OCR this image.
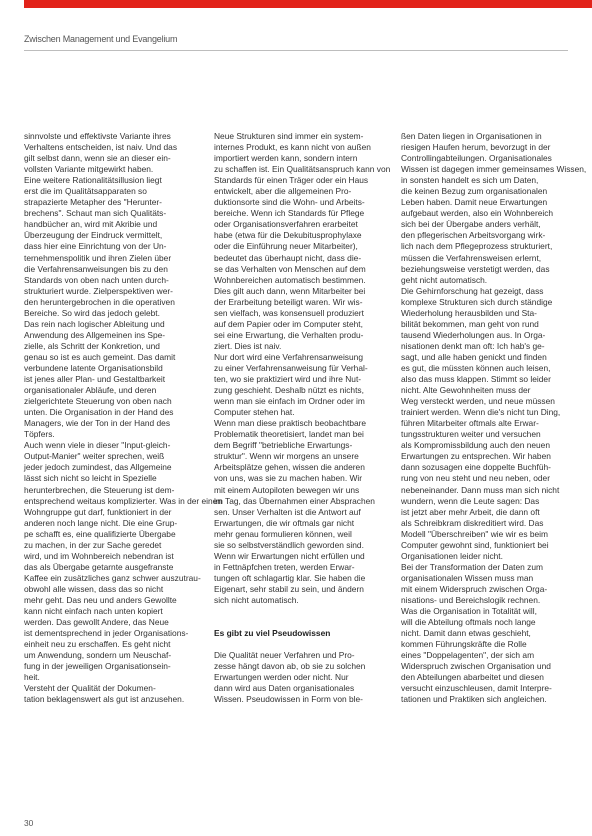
Zwischen Management und Evangelium

sinnvolste und effektivste Variante ihres

Verhaltens entscheiden, ist naiv. Und das

gilt selbst dann, wenn sie an dieser ein-

vollsten Variante mitgewirkt haben.

Eine weitere Rationalitätsillusion liegt

erst die im Qualitätsapparaten so

strapazierte Metapher des "Herunter-

brechens". Schaut man sich Qualitäts-

handbücher an, wird mit Akribie und

Überzeugung der Eindruck vermittelt,

dass hier eine Einrichtung von der Un-

ternehmenspolitik und ihren Zielen über

die Verfahrensanweisungen bis zu den

Standards von oben nach unten durch-

strukturiert wurde. Zielperspektiven wer-

den heruntergebrochen in die operativen

Bereiche. So wird das jedoch gelebt.

Das rein nach logischer Ableitung und

Anwendung des Allgemeinen ins Spe-

zielle, als Schritt der Konkretion, und

genau so ist es auch gemeint. Das damit

verbundene latente Organisationsbild

ist jenes aller Plan- und Gestaltbarkeit

organisationaler Abläufe, und deren

zielgerichtete Steuerung von oben nach

unten. Die Organisation in der Hand des

Managers, wie der Ton in der Hand des

Töpfers.

Auch wenn viele in dieser "Input-gleich-

Output-Manier" weiter sprechen, weiß

jeder jedoch zumindest, das Allgemeine

lässt sich nicht so leicht in Spezielle

herunterbrechen, die Steuerung ist dem-

entsprechend weitaus komplizierter. Was in der einen

Wohngruppe gut darf, funktioniert in der

anderen noch lange nicht. Die eine Grup-

pe schafft es, eine qualifizierte Übergabe

zu machen, in der zur Sache geredet

wird, und im Wohnbereich nebendran ist

das als Übergabe getarnte ausgefranste

Kaffee ein zusätzliches ganz schwer auszutrau-

obwohl alle wissen, dass das so nicht

mehr geht. Das neu und anders Gewollte

kann nicht einfach nach unten kopiert

werden. Das gewollt Andere, das Neue

ist dementsprechend in jeder Organisations-

einheit neu zu erschaffen. Es geht nicht

um Anwendung, sondern um Neuschaf-

fung in der jeweiligen Organisationsein-

heit.

Versteht der Qualität der Dokumen-

tation beklagenswert als gut ist anzusehen.

Neue Strukturen sind immer ein system-

internes Produkt, es kann nicht von außen

importiert werden kann, sondern intern

zu schaffen ist. Ein Qualitätsanspruch kann von

Standards für einen Träger oder ein Haus

entwickelt, aber die allgemeinen Pro-

duktionsorte sind die Wohn- und Arbeits-

bereiche. Wenn ich Standards für Pflege

oder Organisationsverfahren erarbeitet

habe (etwa für die Dekubitusprophylaxe

oder die Einführung neuer Mitarbeiter),

bedeutet das überhaupt nicht, dass die-

se das Verhalten von Menschen auf dem

Wohnbereichen automatisch bestimmen.

Dies gilt auch dann, wenn Mitarbeiter bei

der Erarbeitung beteiligt waren. Wir wis-

sen vielfach, was konsensuell produziert

auf dem Papier oder im Computer steht,

sei eine Erwartung, die Verhalten produ-

ziert. Dies ist naiv.

Nur dort wird eine Verfahrensanweisung

zu einer Verfahrensanweisung für Verhal-

ten, wo sie praktiziert wird und ihre Nut-

zung geschieht. Deshalb nützt es nichts,

wenn man sie einfach im Ordner oder im

Computer stehen hat.

Wenn man diese praktisch beobachtbare

Problematik theoretisiert, landet man bei

dem Begriff "betriebliche Erwartungs-

struktur". Wenn wir morgens an unsere

Arbeitsplätze gehen, wissen die anderen

von uns, was sie zu machen haben. Wir

mit einem Autopiloten bewegen wir uns

im Tag, das Übernahmen einer Absprachen

sen. Unser Verhalten ist die Antwort auf

Erwartungen, die wir oftmals gar nicht

mehr genau formulieren können, weil

sie so selbstverständlich geworden sind.

Wenn wir Erwartungen nicht erfüllen und

in Fettnäpfchen treten, werden Erwar-

tungen oft schlagartig klar. Sie haben die

Eigenart, sehr stabil zu sein, und ändern

sich nicht automatisch.

Es gibt zu viel Pseudowissen

Die Qualität neuer Verfahren und Pro-

zesse hängt davon ab, ob sie zu solchen

Erwartungen werden oder nicht. Nur

dann wird aus Daten organisationales

Wissen. Pseudowissen in Form von ble-

ßen Daten liegen in Organisationen in

riesigen Haufen herum, bevorzugt in der

Controllingabteilungen. Organisationales

Wissen ist dagegen immer gemeinsames Wissen,

in sonsten handelt es sich um Daten,

die keinen Bezug zum organisationalen

Leben haben. Damit neue Erwartungen

aufgebaut werden, also ein Wohnbereich

sich bei der Übergabe anders verhält,

den pflegerischen Arbeitsvorgang wirk-

lich nach dem Pflegeprozess strukturiert,

müssen die Verfahrensweisen erlernt,

beziehungsweise verstetigt werden, das

geht nicht automatisch.

Die Gehirnforschung hat gezeigt, dass

komplexe Strukturen sich durch ständige

Wiederholung herausbilden und Sta-

bilität bekommen, man geht von rund

tausend Wiederholungen aus. In Orga-

nisationen denkt man oft: Ich hab's ge-

sagt, und alle haben genickt und finden

es gut, die müssten können auch leisen,

also das muss klappen. Stimmt so leider

nicht. Alte Gewohnheiten muss der

Weg versteckt werden, und neue müssen

trainiert werden. Wenn die's nicht tun Ding,

führen Mitarbeiter oftmals alte Erwar-

tungsstrukturen weiter und versuchen

als Kompromissbildung auch den neuen

Erwartungen zu entsprechen. Wir haben

dann sozusagen eine doppelte Buchfüh-

rung von neu steht und neu neben, oder

nebeneinander. Dann muss man sich nicht

wundern, wenn die Leute sagen: Das

ist jetzt aber mehr Arbeit, die dann oft

als Schreibkram diskreditiert wird. Das

Modell "Überschreiben" wie wir es beim

Computer gewohnt sind, funktioniert bei

Organisationen leider nicht.

Bei der Transformation der Daten zum

organisationalen Wissen muss man

mit einem Widerspruch zwischen Orga-

nisations- und Bereichslogik rechnen.

Was die Organisation in Totalität will,

will die Abteilung oftmals noch lange

nicht. Damit dann etwas geschieht,

kommen Führungskräfte die Rolle

eines "Doppelagenten", der sich am

Widerspruch zwischen Organisation und

den Abteilungen abarbeitet und diesen

versucht einzuschleusen, damit Interpre-

tationen und Praktiken sich angleichen.

30
